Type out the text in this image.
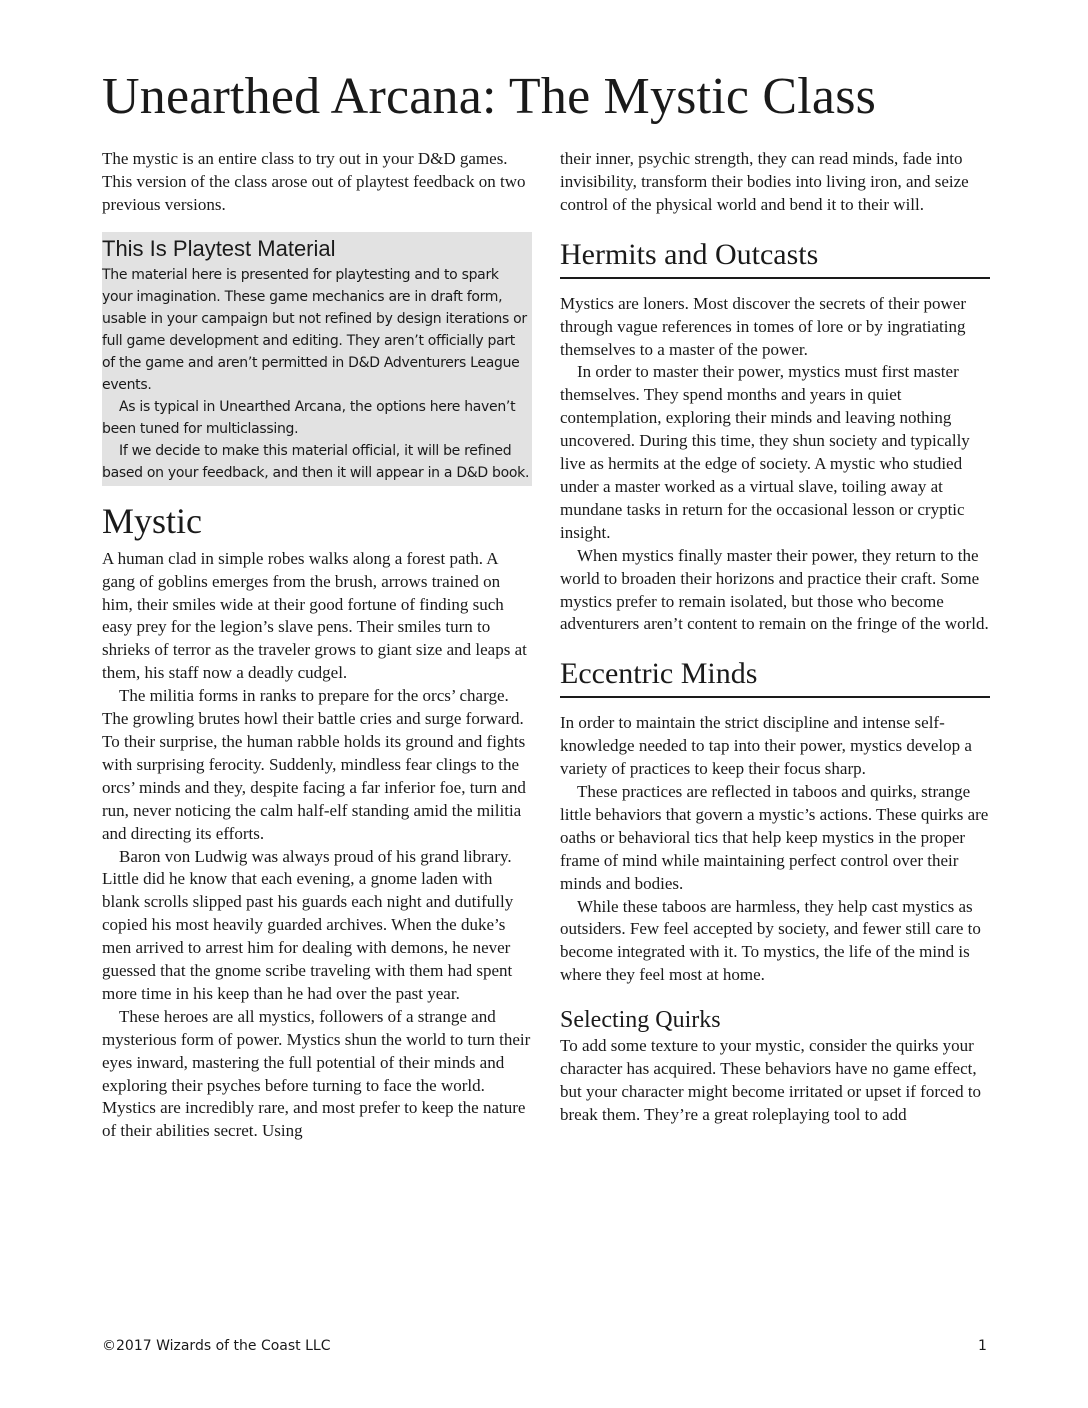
Unearthed Arcana: The Mystic Class

The mystic is an entire class to try out in your D&D games. This version of the class arose out of playtest feedback on two previous versions.

This Is Playtest Material

The material here is presented for playtesting and to spark your imagination. These game mechanics are in draft form, usable in your campaign but not refined by design iterations or full game development and editing. They aren’t officially part of the game and aren’t permitted in D&D Adventurers League events.

As is typical in Unearthed Arcana, the options here haven’t been tuned for multiclassing.

If we decide to make this material official, it will be refined based on your feedback, and then it will appear in a D&D book.

Mystic

A human clad in simple robes walks along a forest path. A gang of goblins emerges from the brush, arrows trained on him, their smiles wide at their good fortune of finding such easy prey for the legion’s slave pens. Their smiles turn to shrieks of terror as the traveler grows to giant size and leaps at them, his staff now a deadly cudgel.

The militia forms in ranks to prepare for the orcs’ charge. The growling brutes howl their battle cries and surge forward. To their surprise, the human rabble holds its ground and fights with surprising ferocity. Suddenly, mindless fear clings to the orcs’ minds and they, despite facing a far inferior foe, turn and run, never noticing the calm half-elf standing amid the militia and directing its efforts.

Baron von Ludwig was always proud of his grand library. Little did he know that each evening, a gnome laden with blank scrolls slipped past his guards each night and dutifully copied his most heavily guarded archives. When the duke’s men arrived to arrest him for dealing with demons, he never guessed that the gnome scribe traveling with them had spent more time in his keep than he had over the past year.

These heroes are all mystics, followers of a strange and mysterious form of power. Mystics shun the world to turn their eyes inward, mastering the full potential of their minds and exploring their psyches before turning to face the world. Mystics are incredibly rare, and most prefer to keep the nature of their abilities secret. Using

their inner, psychic strength, they can read minds, fade into invisibility, transform their bodies into living iron, and seize control of the physical world and bend it to their will.

Hermits and Outcasts

Mystics are loners. Most discover the secrets of their power through vague references in tomes of lore or by ingratiating themselves to a master of the power.

In order to master their power, mystics must first master themselves. They spend months and years in quiet contemplation, exploring their minds and leaving nothing uncovered. During this time, they shun society and typically live as hermits at the edge of society. A mystic who studied under a master worked as a virtual slave, toiling away at mundane tasks in return for the occasional lesson or cryptic insight.

When mystics finally master their power, they return to the world to broaden their horizons and practice their craft. Some mystics prefer to remain isolated, but those who become adventurers aren’t content to remain on the fringe of the world.

Eccentric Minds

In order to maintain the strict discipline and intense self-knowledge needed to tap into their power, mystics develop a variety of practices to keep their focus sharp.

These practices are reflected in taboos and quirks, strange little behaviors that govern a mystic’s actions. These quirks are oaths or behavioral tics that help keep mystics in the proper frame of mind while maintaining perfect control over their minds and bodies.

While these taboos are harmless, they help cast mystics as outsiders. Few feel accepted by society, and fewer still care to become integrated with it. To mystics, the life of the mind is where they feel most at home.

Selecting Quirks

To add some texture to your mystic, consider the quirks your character has acquired. These behaviors have no game effect, but your character might become irritated or upset if forced to break them. They’re a great roleplaying tool to add

©2017 Wizards of the Coast LLC	1
